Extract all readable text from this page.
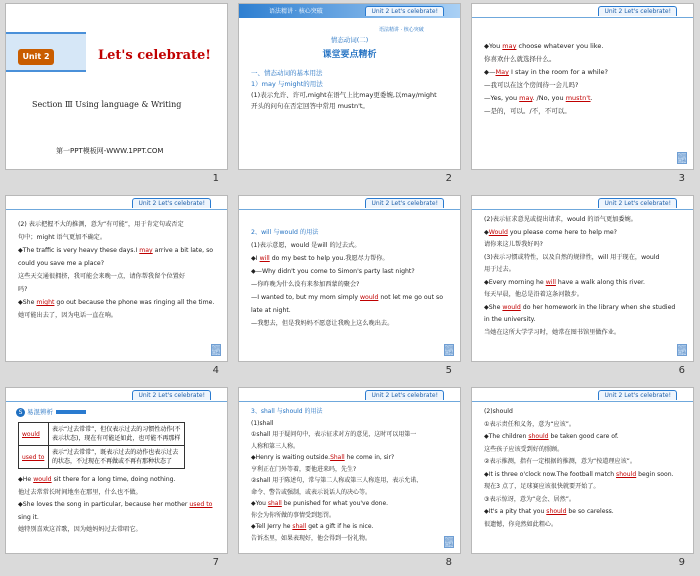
Unit 2	Let's celebrate!
Section Ⅲ Using language & Writing
第一PPT模板网-WWW.1PPT.COM
1
语法精讲 · 核心突破	Unit 2 Let's celebrate!
语法精讲 · 核心突破
情态动词(二)
课堂要点精析

一、情态动词的基本用法

1）may 与might的用法

(1)表示允许、许可,might在语气上比may更委婉,以may/might

开头的问句在否定回答中常用 mustn't。

2
Unit 2 Let's celebrate!

◆You may choose whatever you like.

你喜欢什么就选择什么。

◆—May I stay in the room for a while?

—我可以在这个房间待一会儿吗?

—Yes, you may. /No, you mustn't.

—是的，可以。/不，不可以。

返回 目录
3
Unit 2 Let's celebrate!

(2) 表示把握不大的推测，意为“有可能”，用于肯定句或否定

句中；might 语气更加不确定。

◆The traffic is very heavy these days.I may arrive a bit late, so

could you save me a place?

这些天交通很拥挤，我可能会来晚一点，请你帮我留个位置好

吗?

◆She might go out because the phone was ringing all the time.

她可能出去了，因为电话一直在响。

返回 目录
4
Unit 2 Let's celebrate!

2、will 与would 的用法

(1)表示意愿，would 是will 的过去式。

◆I will do my best to help you.我愿尽力帮你。

◆—Why didn't you come to Simon's party last night?

—你昨晚为什么没有来参加西蒙的聚会?

—I wanted to, but my mom simply would not let me go out so

late at night.

—我想去，但是我妈妈不愿意让我晚上这么晚出去。

返回 目录
5
Unit 2 Let's celebrate!

(2)表示征求意见或提出请求，would 的语气更加委婉。

◆Would you please come here to help me?

请你来这儿帮我好吗?

(3)表示习惯或特性，以及自然的规律性，will 用于现在，would

用于过去。

◆Every morning he will have a walk along this river.

每天早晨，他总是沿着这条河散步。

◆She would do her homework in the library when she studied

in the university.

当她在这所大学学习时，她常在图书馆里做作业。

返回 目录
6
Unit 2 Let's celebrate!
S 易混辨析
would	表示“过去常常”，但仅表示过去的习惯性动作(不
表示状态)，现在有可能还如此，也可能不再那样
used to	表示“过去常常”，既表示过去的动作也表示过去
的状态，不过现在不再做或不再有那种状态了

◆He would sit there for a long time, doing nothing.

他过去常常长时间地坐在那里，什么也不做。

◆She loves the song in particular, because her mother used to

sing it.

她特别喜欢这首歌，因为她妈妈过去常唱它。

7
Unit 2 Let's celebrate!

3、shall 与should 的用法

(1)shall

①shall 用于疑问句中，表示征求对方的意见，这时可以用第一

人称和第三人称。

◆Henry is waiting outside.Shall he come in, sir?

亨利正在门外等着，要他进来吗，先生?

②shall 用于陈述句，常与第二人称或第三人称连用，表示允诺、

命令、警告或强制，或表示说话人的决心等。

◆You shall be punished for what you've done.

你会为你所做的事情受到惩罚。

◆Tell Jerry he shall get a gift if he is nice.

告诉杰里，如果表现好，他会得到一份礼物。	返回 目录
8
Unit 2 Let's celebrate!

(2)should

①表示责任和义务，意为“应该”。

◆The children should be taken good care of.

这些孩子应该受到好的照顾。

②表示推测，指有一定根据的推测，意为“按道理应该”。

◆It is three o'clock now.The football match should begin soon.

现在3 点了，足球赛应该很快就要开始了。

③表示惊讶，意为“竟会、居然”。

◆It's a pity that you should be so careless.

很遗憾，你竟然如此粗心。

9
